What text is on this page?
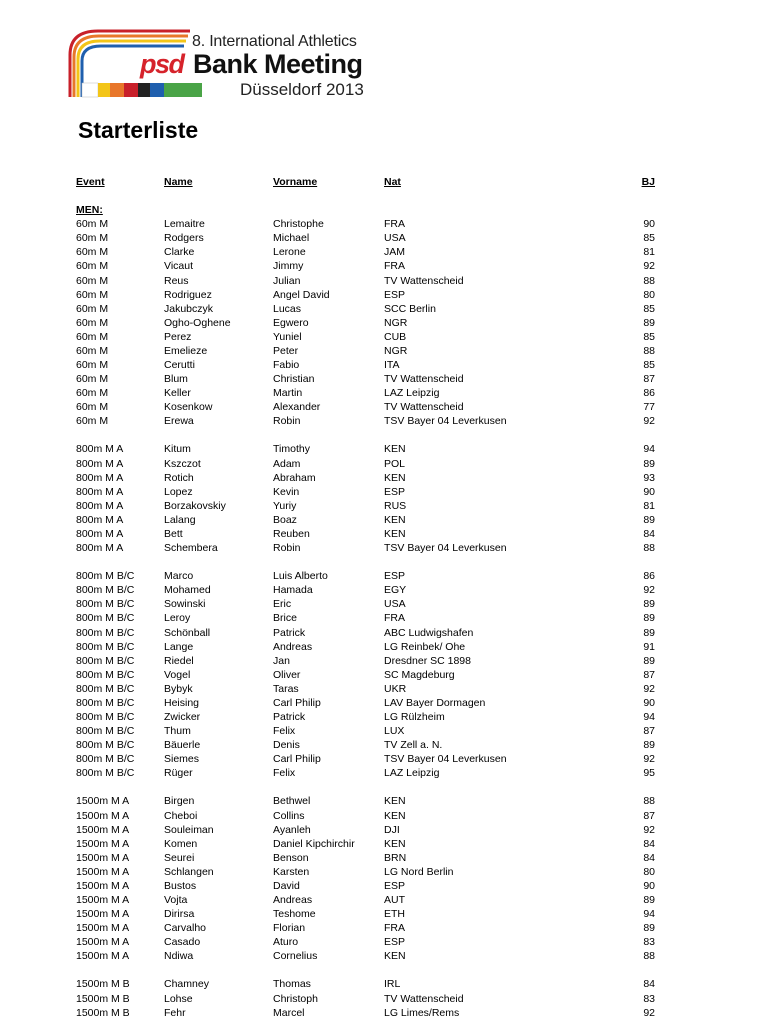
psd
8. International Athletics
Bank Meeting
Düsseldorf 2013
Starterliste
Event	Name	Vorname	Nat	BJ
MEN:
60m M	Lemaitre	Christophe	FRA	90
60m M	Rodgers	Michael	USA	85
60m M	Clarke	Lerone	JAM	81
60m M	Vicaut	Jimmy	FRA	92
60m M	Reus	Julian	TV Wattenscheid	88
60m M	Rodriguez	Angel David	ESP	80
60m M	Jakubczyk	Lucas	SCC Berlin	85
60m M	Ogho-Oghene	Egwero	NGR	89
60m M	Perez	Yuniel	CUB	85
60m M	Emelieze	Peter	NGR	88
60m M	Cerutti	Fabio	ITA	85
60m M	Blum	Christian	TV Wattenscheid	87
60m M	Keller	Martin	LAZ Leipzig	86
60m M	Kosenkow	Alexander	TV Wattenscheid	77
60m M	Erewa	Robin	TSV Bayer 04 Leverkusen	92
800m M A	Kitum	Timothy	KEN	94
800m M A	Kszczot	Adam	POL	89
800m M A	Rotich	Abraham	KEN	93
800m M A	Lopez	Kevin	ESP	90
800m M A	Borzakovskiy	Yuriy	RUS	81
800m M A	Lalang	Boaz	KEN	89
800m M A	Bett	Reuben	KEN	84
800m M A	Schembera	Robin	TSV Bayer 04 Leverkusen	88
800m M B/C	Marco	Luis Alberto	ESP	86
800m M B/C	Mohamed	Hamada	EGY	92
800m M B/C	Sowinski	Eric	USA	89
800m M B/C	Leroy	Brice	FRA	89
800m M B/C	Schönball	Patrick	ABC Ludwigshafen	89
800m M B/C	Lange	Andreas	LG Reinbek/ Ohe	91
800m M B/C	Riedel	Jan	Dresdner SC 1898	89
800m M B/C	Vogel	Oliver	SC Magdeburg	87
800m M B/C	Bybyk	Taras	UKR	92
800m M B/C	Heising	Carl Philip	LAV Bayer Dormagen	90
800m M B/C	Zwicker	Patrick	LG Rülzheim	94
800m M B/C	Thum	Felix	LUX	87
800m M B/C	Bäuerle	Denis	TV Zell a. N.	89
800m M B/C	Siemes	Carl Philip	TSV Bayer 04 Leverkusen	92
800m M B/C	Rüger	Felix	LAZ Leipzig	95
1500m M A	Birgen	Bethwel	KEN	88
1500m M A	Cheboi	Collins	KEN	87
1500m M A	Souleiman	Ayanleh	DJI	92
1500m M A	Komen	Daniel Kipchirchir	KEN	84
1500m M A	Seurei	Benson	BRN	84
1500m M A	Schlangen	Karsten	LG Nord Berlin	80
1500m M A	Bustos	David	ESP	90
1500m M A	Vojta	Andreas	AUT	89
1500m M A	Dirirsa	Teshome	ETH	94
1500m M A	Carvalho	Florian	FRA	89
1500m M A	Casado	Aturo	ESP	83
1500m M A	Ndiwa	Cornelius	KEN	88
1500m M B	Chamney	Thomas	IRL	84
1500m M B	Lohse	Christoph	TV Wattenscheid	83
1500m M B	Fehr	Marcel	LG Limes/Rems	92
